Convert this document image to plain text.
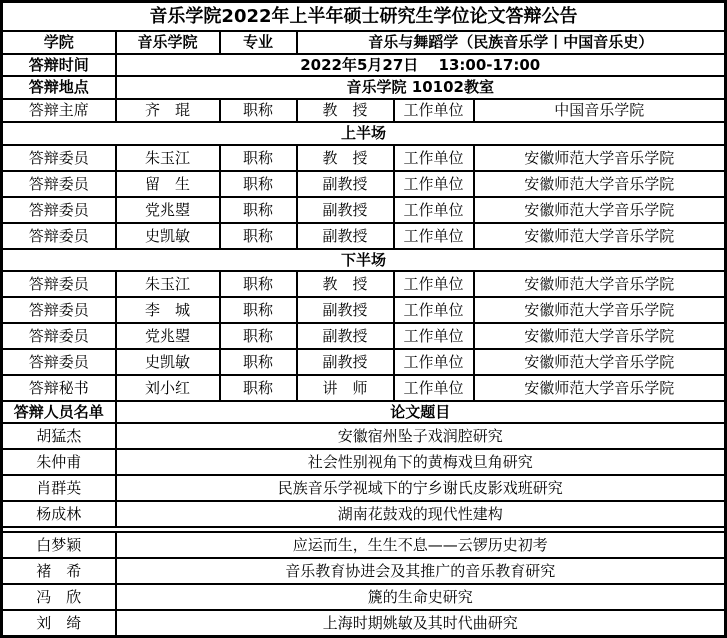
音乐学院2022年上半年硕士研究生学位论文答辩公告					
学院	音乐学院	专业	音乐与舞蹈学（民族音乐学丨中国音乐史）		
答辩时间	2022年5月27日　 13:00-17:00				
答辩地点	音乐学院 10102教室				
答辩主席	齐　琨	职称	教　授	工作单位	中国音乐学院
上半场					
答辩委员	朱玉江	职称	教　授	工作单位	安徽师范大学音乐学院
答辩委员	留　生	职称	副教授	工作单位	安徽师范大学音乐学院
答辩委员	党兆曌	职称	副教授	工作单位	安徽师范大学音乐学院
答辩委员	史凯敏	职称	副教授	工作单位	安徽师范大学音乐学院
下半场					
答辩委员	朱玉江	职称	教　授	工作单位	安徽师范大学音乐学院
答辩委员	李　城	职称	副教授	工作单位	安徽师范大学音乐学院
答辩委员	党兆曌	职称	副教授	工作单位	安徽师范大学音乐学院
答辩委员	史凯敏	职称	副教授	工作单位	安徽师范大学音乐学院
答辩秘书	刘小红	职称	讲　师	工作单位	安徽师范大学音乐学院
答辩人员名单	论文题目				
胡猛杰	安徽宿州坠子戏润腔研究				
朱仲甫	社会性别视角下的黄梅戏旦角研究				
肖群英	民族音乐学视域下的宁乡谢氏皮影戏班研究				
杨成林	湖南花鼓戏的现代性建构				

白梦颖	应运而生，生生不息——云锣历史初考				
褚　希	音乐教育协进会及其推广的音乐教育研究				
冯　欣	篪的生命史研究				
刘　绮	上海时期姚敏及其时代曲研究				
